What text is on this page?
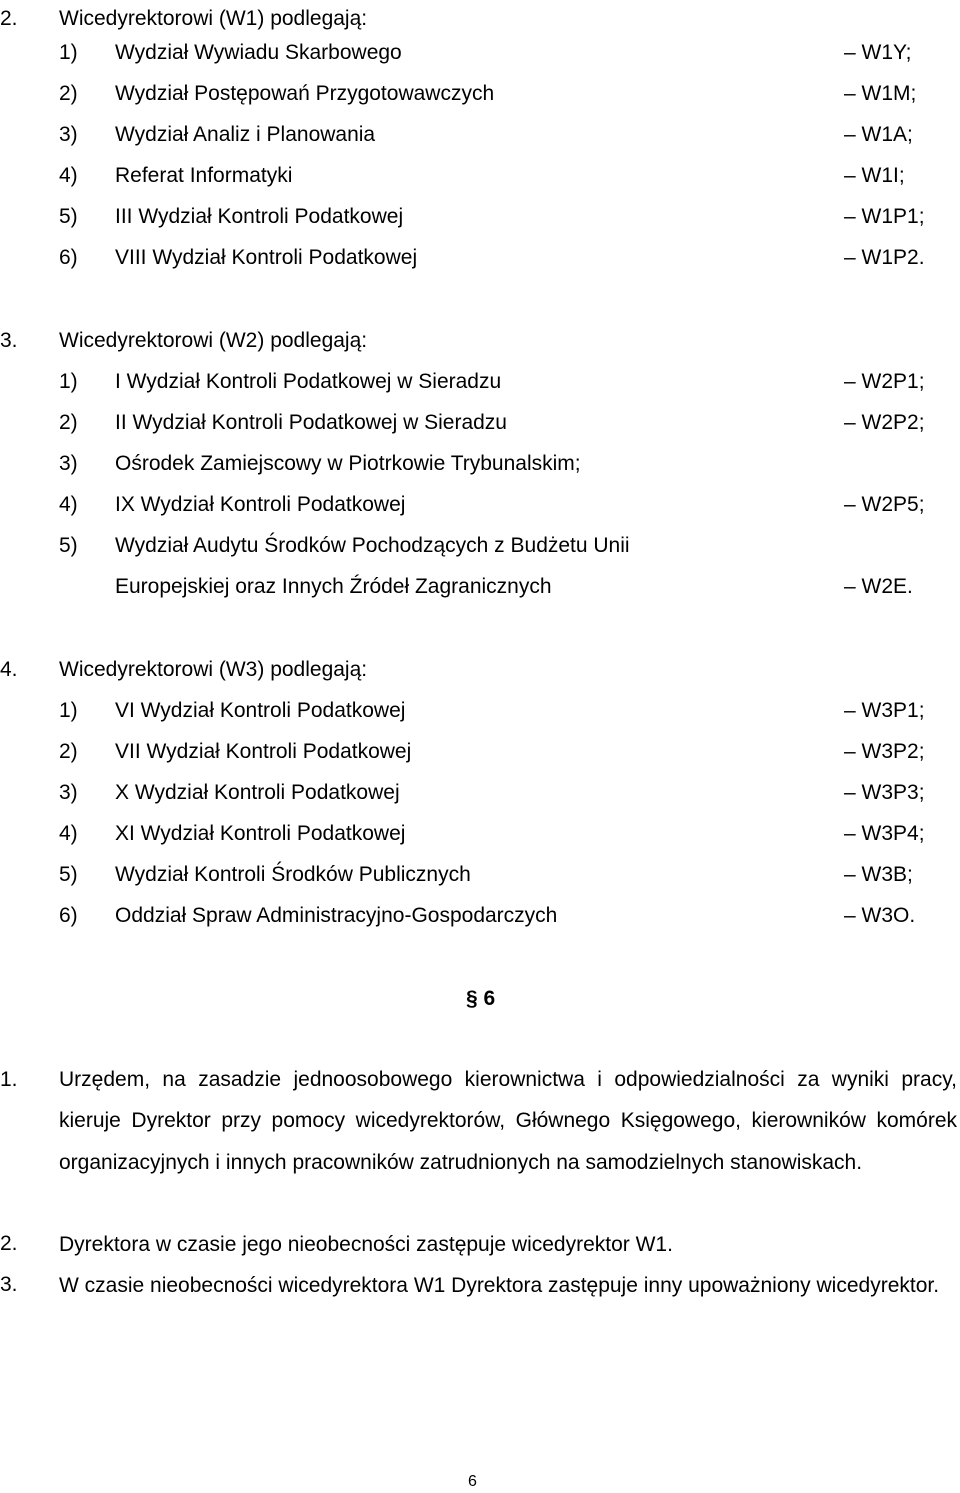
2. Wicedyrektorowi (W1) podlegają:
1) Wydział Wywiadu Skarbowego	– W1Y;
2) Wydział Postępowań Przygotowawczych	– W1M;
3) Wydział Analiz i Planowania	– W1A;
4) Referat Informatyki	– W1I;
5) III Wydział Kontroli Podatkowej	– W1P1;
6) VIII Wydział Kontroli Podatkowej	– W1P2.
3. Wicedyrektorowi (W2) podlegają:
1) I Wydział Kontroli Podatkowej w Sieradzu	– W2P1;
2) II Wydział Kontroli Podatkowej w Sieradzu	– W2P2;
3) Ośrodek Zamiejscowy w Piotrkowie Trybunalskim;
4) IX Wydział Kontroli Podatkowej	– W2P5;
5) Wydział Audytu Środków Pochodzących z Budżetu Unii
Europejskiej oraz Innych Źródeł Zagranicznych	– W2E.
4. Wicedyrektorowi (W3) podlegają:
1) VI Wydział Kontroli Podatkowej	– W3P1;
2) VII Wydział Kontroli Podatkowej	– W3P2;
3) X Wydział Kontroli Podatkowej	– W3P3;
4) XI Wydział Kontroli Podatkowej	– W3P4;
5) Wydział Kontroli Środków Publicznych	– W3B;
6) Oddział Spraw Administracyjno-Gospodarczych	– W3O.
§ 6
1. Urzędem, na zasadzie jednoosobowego kierownictwa i odpowiedzialności za wyniki pracy, kieruje Dyrektor przy pomocy wicedyrektorów, Głównego Księgowego, kierowników komórek organizacyjnych i innych pracowników zatrudnionych na samodzielnych stanowiskach.

2. Dyrektora w czasie jego nieobecności zastępuje wicedyrektor W1.

3. W czasie nieobecności wicedyrektora W1 Dyrektora zastępuje inny upoważniony wicedyrektor.

6
